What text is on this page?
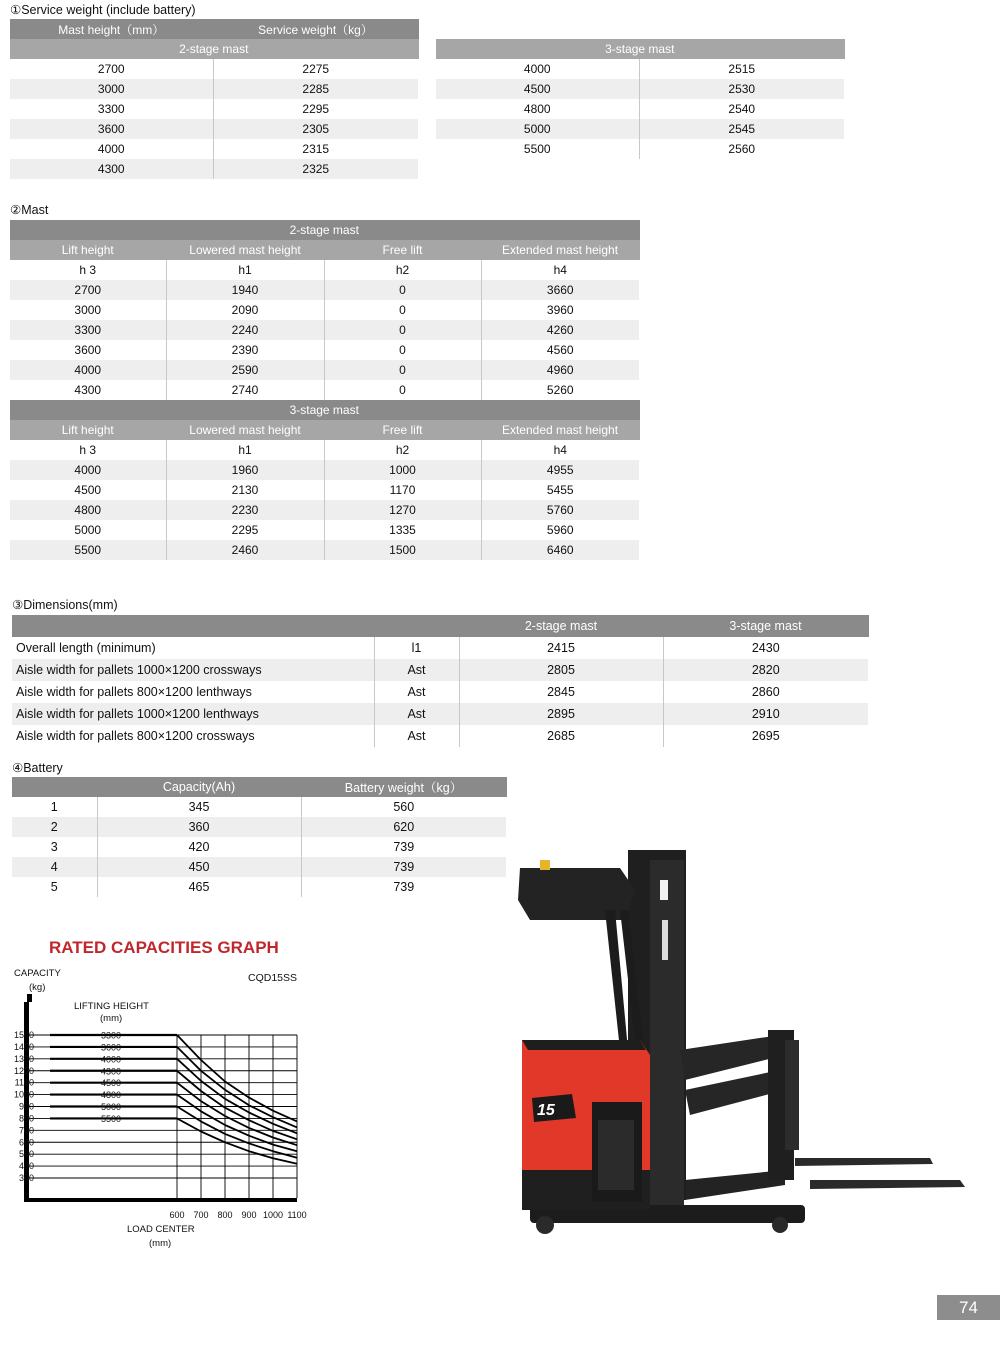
①Service weight (include battery)
Mast height（mm）	Service weight（kg）
2-stage mast	
2700	2275
3000	2285
3300	2295
3600	2305
4000	2315
4300	2325
3-stage mast	
4000	2515
4500	2530
4800	2540
5000	2545
5500	2560
②Mast
2-stage mast			
Lift height	Lowered mast height	Free lift	Extended mast height
h 3	h1	h2	h4
2700	1940	0	3660
3000	2090	0	3960
3300	2240	0	4260
3600	2390	0	4560
4000	2590	0	4960
4300	2740	0	5260
3-stage mast			
Lift height	Lowered mast height	Free lift	Extended mast height
h 3	h1	h2	h4
4000	1960	1000	4955
4500	2130	1170	5455
4800	2230	1270	5760
5000	2295	1335	5960
5500	2460	1500	6460
③Dimensions(mm)
		2-stage mast	3-stage mast
Overall length (minimum)	l1	2415	2430
Aisle width for pallets 1000×1200 crossways	Ast	2805	2820
Aisle width for pallets 800×1200 lenthways	Ast	2845	2860
Aisle width for pallets 1000×1200 lenthways	Ast	2895	2910
Aisle width for pallets 800×1200 crossways	Ast	2685	2695
④Battery
	Capacity(Ah)	Battery weight（kg）
1	345	560
2	360	620
3	420	739
4	450	739
5	465	739
RATED CAPACITIES GRAPH
CAPACITY
(kg)
CQD15SS
LIFTING HEIGHT
(mm)
1500
1400
1300
1200
1100
1000
900
800
700
600
500
400
300
600 700 800 900 1000 1100
3300
3600
4000
4300
4500
4800
5000
5500
LOAD CENTER
(mm)
15
74
